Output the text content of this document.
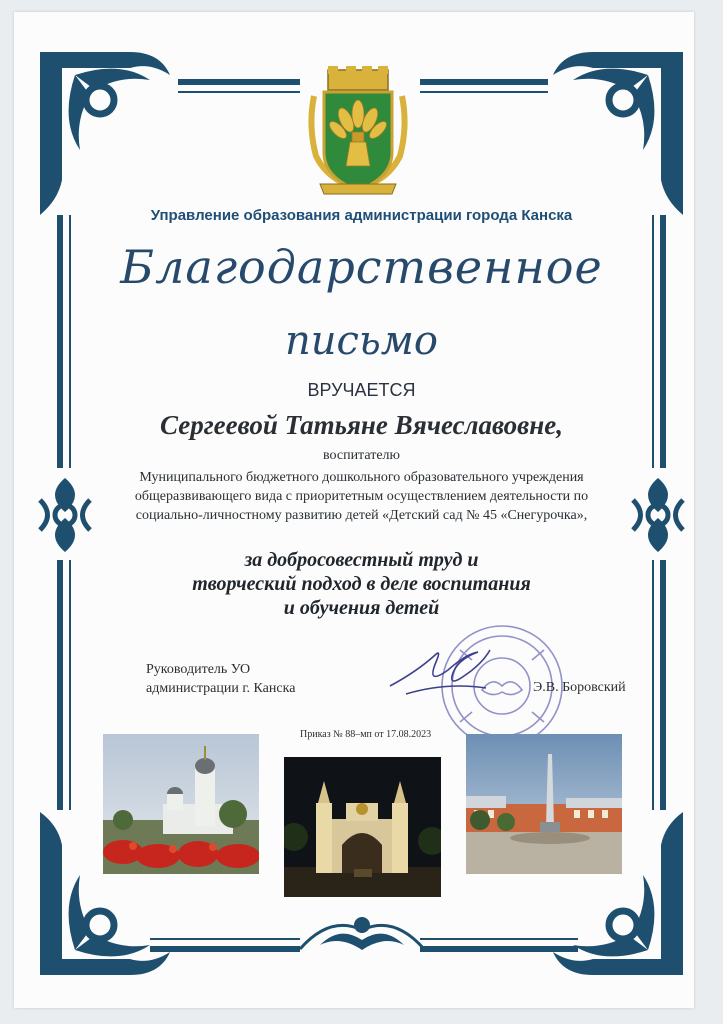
Управление образования администрации города Канска
Благодарственное
письмо
ВРУЧАЕТСЯ
Сергеевой Татьяне Вячеславовне,
воспитателю
Муниципального бюджетного дошкольного образовательного учреждения
общеразвивающего вида с приоритетным осуществлением деятельности по
социально-личностному развитию детей «Детский сад № 45 «Снегурочка»,
за добросовестный труд и
творческий подход в деле воспитания
и обучения детей
Руководитель УО
администрации г. Канска	Э.В. Боровский
Приказ № 88–мп от 17.08.2023
